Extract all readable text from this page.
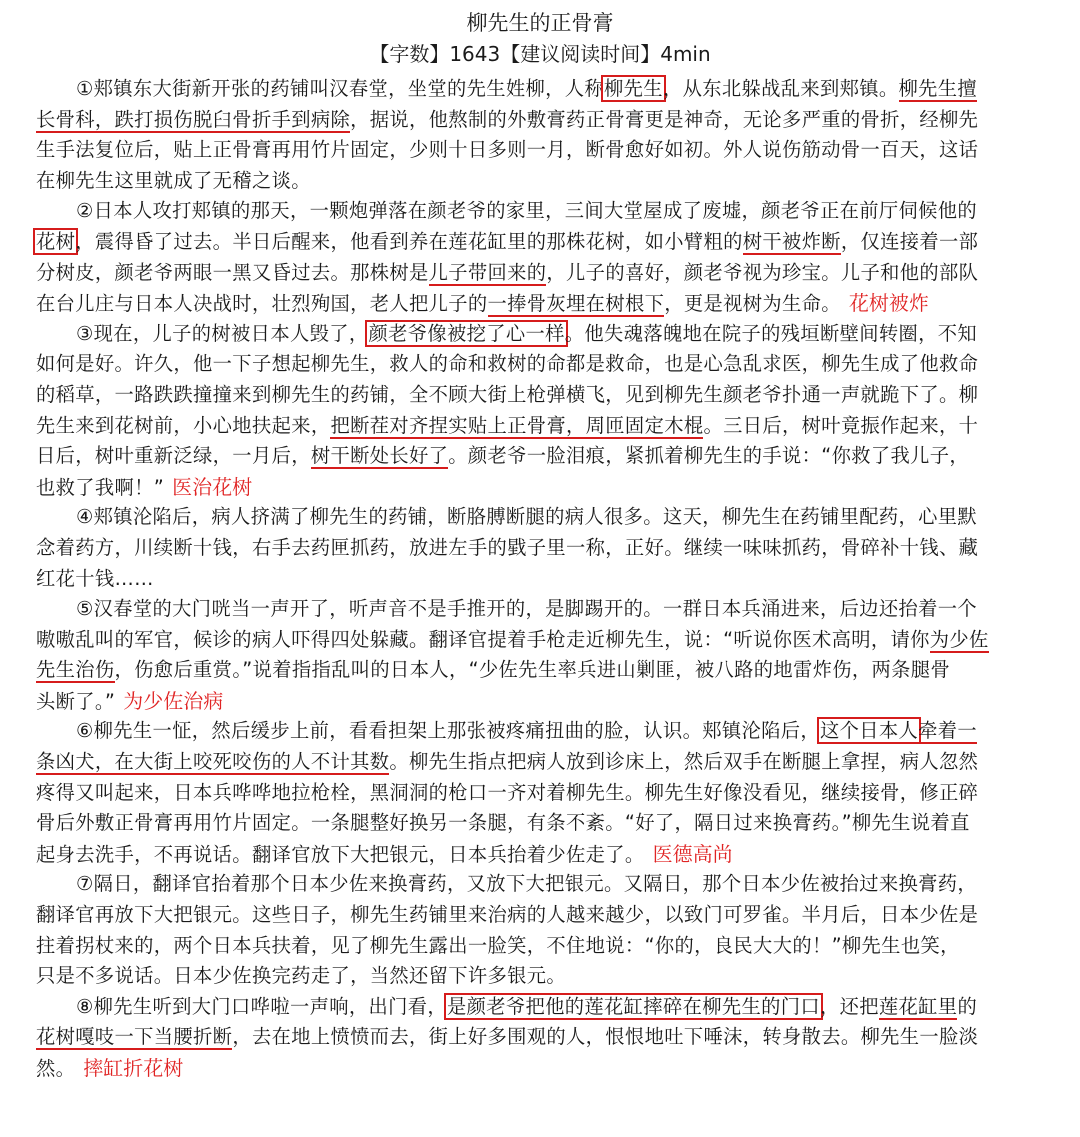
柳先生的正骨膏
【字数】1643【建议阅读时间】4min
①郏镇东大街新开张的药铺叫汉春堂，坐堂的先生姓柳，人称柳先生，从东北躲战乱来到郏镇。柳先生擅
长骨科，跌打损伤脱臼骨折手到病除，据说，他熬制的外敷膏药正骨膏更是神奇，无论多严重的骨折，经柳先
生手法复位后，贴上正骨膏再用竹片固定，少则十日多则一月，断骨愈好如初。外人说伤筋动骨一百天，这话
在柳先生这里就成了无稽之谈。
②日本人攻打郏镇的那天，一颗炮弹落在颜老爷的家里，三间大堂屋成了废墟，颜老爷正在前厅伺候他的
花树，震得昏了过去。半日后醒来，他看到养在莲花缸里的那株花树，如小臂粗的树干被炸断，仅连接着一部
分树皮，颜老爷两眼一黑又昏过去。那株树是儿子带回来的，儿子的喜好，颜老爷视为珍宝。儿子和他的部队
在台儿庄与日本人决战时，壮烈殉国，老人把儿子的一捧骨灰埋在树根下，更是视树为生命。 花树被炸
③现在，儿子的树被日本人毁了，颜老爷像被挖了心一样。他失魂落魄地在院子的残垣断壁间转圈，不知
如何是好。许久，他一下子想起柳先生，救人的命和救树的命都是救命，也是心急乱求医，柳先生成了他救命
的稻草，一路跌跌撞撞来到柳先生的药铺，全不顾大街上枪弹横飞，见到柳先生颜老爷扑通一声就跪下了。柳
先生来到花树前，小心地扶起来，把断茬对齐捏实贴上正骨膏，周匝固定木棍。三日后，树叶竟振作起来，十
日后，树叶重新泛绿，一月后，树干断处长好了。颜老爷一脸泪痕，紧抓着柳先生的手说：“你救了我儿子，
也救了我啊！” 医治花树
④郏镇沦陷后，病人挤满了柳先生的药铺，断胳膊断腿的病人很多。这天，柳先生在药铺里配药，心里默
念着药方，川续断十钱，右手去药匣抓药，放进左手的戥子里一称，正好。继续一味味抓药，骨碎补十钱、藏
红花十钱……
⑤汉春堂的大门咣当一声开了，听声音不是手推开的，是脚踢开的。一群日本兵涌进来，后边还抬着一个
嗷嗷乱叫的军官，候诊的病人吓得四处躲藏。翻译官提着手枪走近柳先生，说：“听说你医术高明，请你为少佐
先生治伤，伤愈后重赏。”说着指指乱叫的日本人，“少佐先生率兵进山剿匪，被八路的地雷炸伤，两条腿骨
头断了。” 为少佐治病
⑥柳先生一怔，然后缓步上前，看看担架上那张被疼痛扭曲的脸，认识。郏镇沦陷后，这个日本人牵着一
条凶犬，在大街上咬死咬伤的人不计其数。柳先生指点把病人放到诊床上，然后双手在断腿上拿捏，病人忽然
疼得又叫起来，日本兵哗哗地拉枪栓，黑洞洞的枪口一齐对着柳先生。柳先生好像没看见，继续接骨，修正碎
骨后外敷正骨膏再用竹片固定。一条腿整好换另一条腿，有条不紊。“好了，隔日过来换膏药。”柳先生说着直
起身去洗手，不再说话。翻译官放下大把银元，日本兵抬着少佐走了。 医德高尚
⑦隔日，翻译官抬着那个日本少佐来换膏药，又放下大把银元。又隔日，那个日本少佐被抬过来换膏药，
翻译官再放下大把银元。这些日子，柳先生药铺里来治病的人越来越少，以致门可罗雀。半月后，日本少佐是
拄着拐杖来的，两个日本兵扶着，见了柳先生露出一脸笑，不住地说：“你的，良民大大的！”柳先生也笑，
只是不多说话。日本少佐换完药走了，当然还留下许多银元。
⑧柳先生听到大门口哗啦一声响，出门看，是颜老爷把他的莲花缸摔碎在柳先生的门口，还把莲花缸里的
花树嘎吱一下当腰折断，去在地上愤愤而去，街上好多围观的人，恨恨地吐下唾沫，转身散去。柳先生一脸淡
然。 摔缸折花树
